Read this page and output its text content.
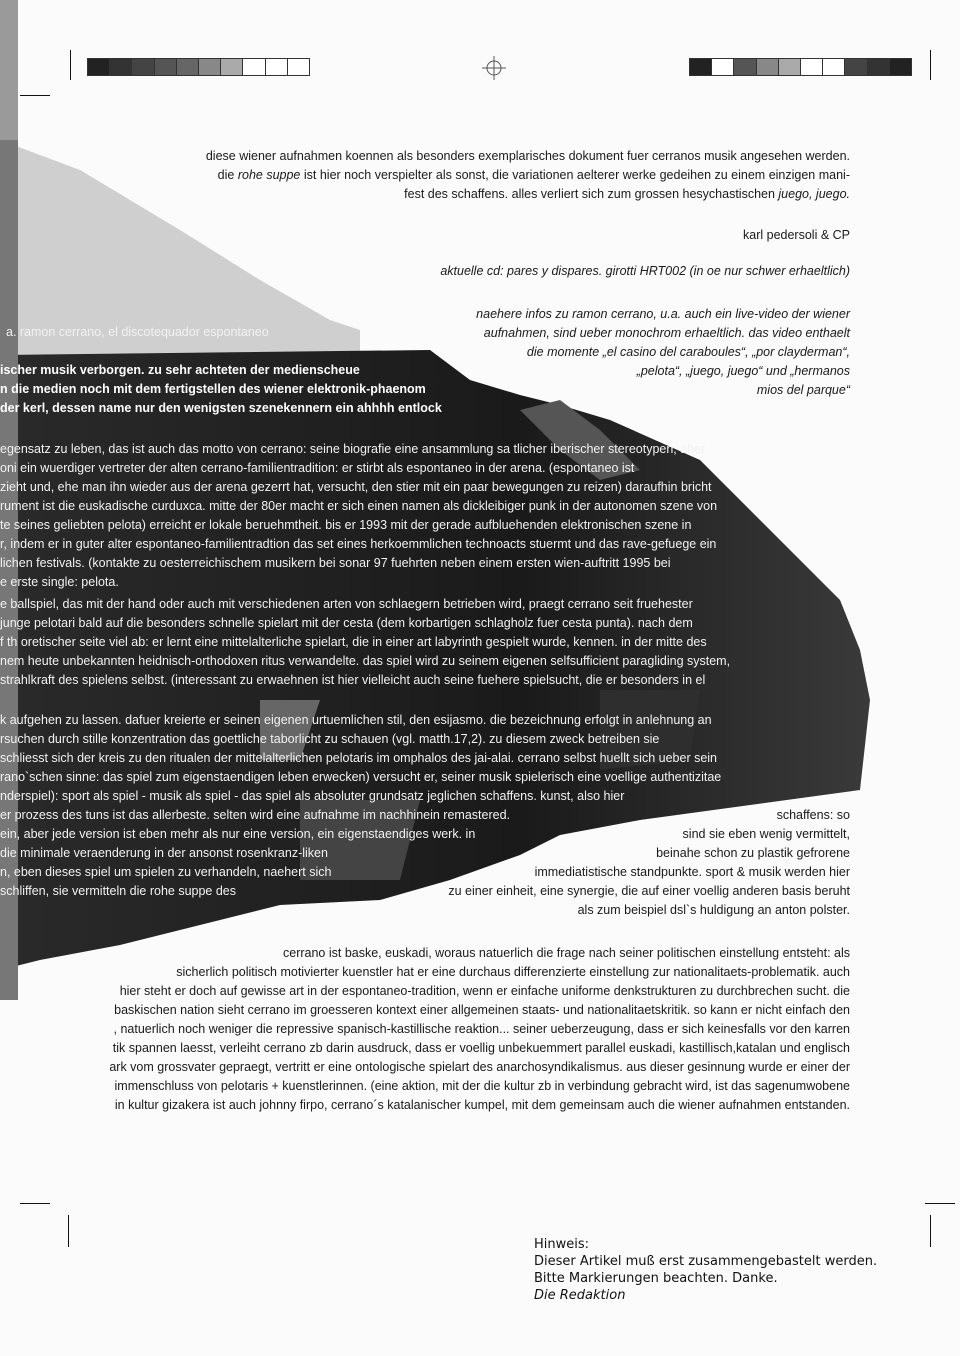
diese wiener aufnahmen koennen als besonders exemplarisches dokument fuer cerranos musik angesehen werden.
die rohe suppe ist hier noch verspielter als sonst, die variationen aelterer werke gedeihen zu einem einzigen mani-
fest des schaffens. alles verliert sich zum grossen hesychastischen juego, juego.
karl pedersoli & CP
aktuelle cd: pares y dispares. girotti HRT002 (in oe nur schwer erhaeltlich)
naehere infos zu ramon cerrano, u.a. auch ein live-video der wiener
aufnahmen, sind ueber monochrom erhaeltlich. das video enthaelt
die momente „el casino del caraboules“, „por clayderman“,
„pelota“, „juego, juego“ und „hermanos
mios del parque“
a. ramon cerrano, el discotequador espontaneo
ischer musik verborgen. zu sehr achteten der medienscheue
n die medien noch mit dem fertigstellen des wiener elektronik-phaenom
der kerl, dessen name nur den wenigsten szenekennern ein ahhhh entlock
egensatz zu leben, das ist auch das motto von cerrano: seine biografie eine ansammlung sa tlicher iberischer stereotypen, aber
oni ein wuerdiger vertreter der alten cerrano-familientradition: er stirbt als espontaneo in der arena. (espontaneo ist
zieht und, ehe man ihn wieder aus der arena gezerrt hat, versucht, den stier mit ein paar bewegungen zu reizen) daraufhin bricht
rument ist die euskadische curduxca. mitte der 80er macht er sich einen namen als dickleibiger punk in der autonomen szene von
te seines geliebten pelota) erreicht er lokale beruehmtheit. bis er 1993 mit der gerade aufbluehenden elektronischen szene in
r, indem er in guter alter espontaneo-familientradtion das set eines herkoemmlichen technoacts stuermt und das rave-gefuege ein
lichen festivals. (kontakte zu oesterreichischem musikern bei sonar 97 fuehrten neben einem ersten wien-auftritt 1995 bei
e erste single: pelota.
e ballspiel, das mit der hand oder auch mit verschiedenen arten von schlaegern betrieben wird, praegt cerrano seit fruehester
junge pelotari bald auf die besonders schnelle spielart mit der cesta (dem korbartigen schlagholz fuer cesta punta). nach dem
f th oretischer seite viel ab: er lernt eine mittelalterliche spielart, die in einer art labyrinth gespielt wurde, kennen. in der mitte des
nem heute unbekannten heidnisch-orthodoxen ritus verwandelte. das spiel wird zu seinem eigenen selfsufficient paragliding system,
strahlkraft des spielens selbst. (interessant zu erwaehnen ist hier vielleicht auch seine fuehere spielsucht, die er besonders in el
k aufgehen zu lassen. dafuer kreierte er seinen eigenen urtuemlichen stil, den esijasmo. die bezeichnung erfolgt in anlehnung an
rsuchen durch stille konzentration das goettliche taborlicht zu schauen (vgl. matth.17,2). zu diesem zweck betreiben sie
schliesst sich der kreis zu den ritualen der mittelalterlichen pelotaris im omphalos des jai-alai. cerrano selbst huellt sich ueber sein
rano`schen sinne: das spiel zum eigenstaendigen leben erwecken) versucht er, seiner musik spielerisch eine voellige authentizitae
nderspiel): sport als spiel - musik als spiel - das spiel als absoluter grundsatz jeglichen schaffens. kunst, also hier
er prozess des tuns ist das allerbeste. selten wird eine aufnahme im nachhinein remastered.
ein, aber jede version ist eben mehr als nur eine version, ein eigenstaendiges werk. in
die minimale veraenderung in der ansonst rosenkranz-liken
n, eben dieses spiel um spielen zu verhandeln, naehert sich
schliffen, sie vermitteln die rohe suppe des
schaffens: so
sind sie eben wenig vermittelt,
beinahe schon zu plastik gefrorene
immediatistische standpunkte. sport & musik werden hier
zu einer einheit, eine synergie, die auf einer voellig anderen basis beruht
als zum beispiel dsl`s huldigung an anton polster.
cerrano ist baske, euskadi, woraus natuerlich die frage nach seiner politischen einstellung entsteht: als
sicherlich politisch motivierter kuenstler hat er eine durchaus differenzierte einstellung zur nationalitaets-problematik. auch
hier steht er doch auf gewisse art in der espontaneo-tradition, wenn er einfache uniforme denkstrukturen zu durchbrechen sucht. die
baskischen nation sieht cerrano im groesseren kontext einer allgemeinen staats- und nationalitaetskritik. so kann er nicht einfach den
, natuerlich noch weniger die repressive spanisch-kastillische reaktion... seiner ueberzeugung, dass er sich keinesfalls vor den karren
tik spannen laesst, verleiht cerrano zb darin ausdruck, dass er voellig unbekuemmert parallel euskadi, kastillisch,katalan und englisch
ark vom grossvater gepraegt, vertritt er eine ontologische spielart des anarchosyndikalismus. aus dieser gesinnung wurde er einer der
immenschluss von pelotaris + kuenstlerinnen. (eine aktion, mit der die kultur zb in verbindung gebracht wird, ist das sagenumwobene
in kultur gizakera ist auch johnny firpo, cerrano´s katalanischer kumpel, mit dem gemeinsam auch die wiener aufnahmen entstanden.
Hinweis:
Dieser Artikel muß erst zusammengebastelt werden.
Bitte Markierungen beachten. Danke.
Die Redaktion
